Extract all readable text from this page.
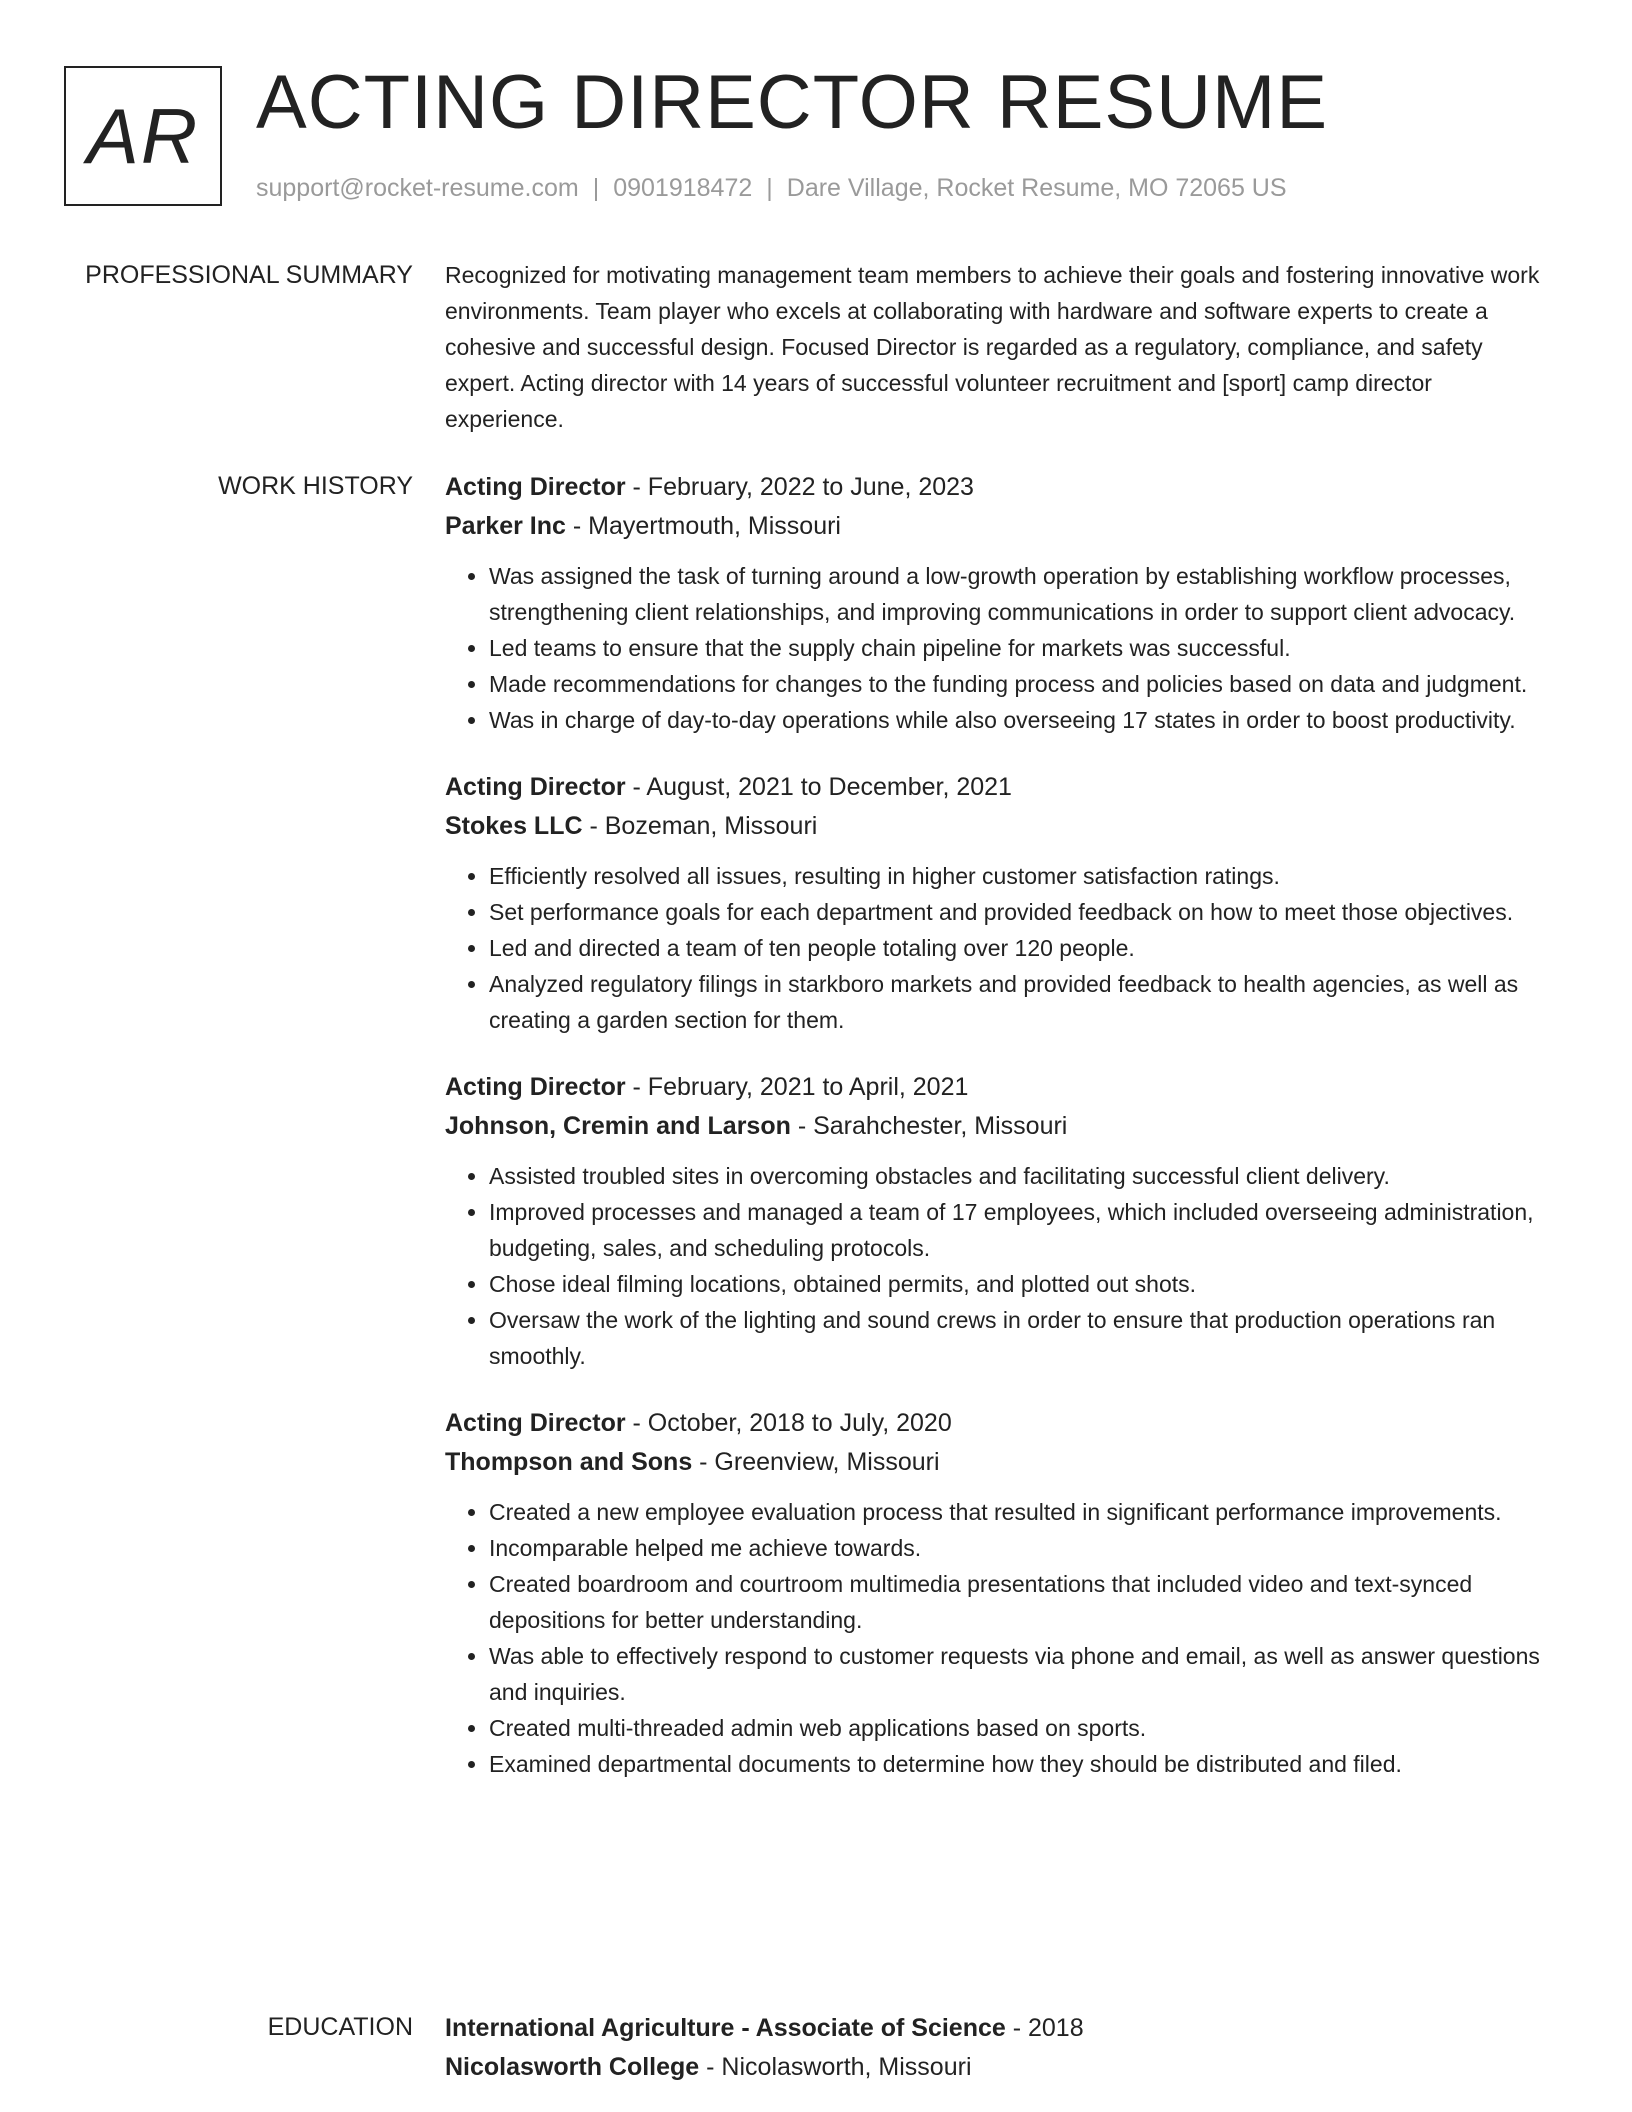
AR ACTING DIRECTOR RESUME
support@rocket-resume.com | 0901918472 | Dare Village, Rocket Resume, MO 72065 US
PROFESSIONAL SUMMARY Recognized for motivating management team members to achieve their goals and fostering innovative work environments. Team player who excels at collaborating with hardware and software experts to create a cohesive and successful design. Focused Director is regarded as a regulatory, compliance, and safety expert. Acting director with 14 years of successful volunteer recruitment and [sport] camp director experience.

WORK HISTORY Acting Director - February, 2022 to June, 2023
Parker Inc - Mayertmouth, Missouri
• Was assigned the task of turning around a low-growth operation by establishing workflow processes, strengthening client relationships, and improving communications in order to support client advocacy.
• Led teams to ensure that the supply chain pipeline for markets was successful.
• Made recommendations for changes to the funding process and policies based on data and judgment.
• Was in charge of day-to-day operations while also overseeing 17 states in order to boost productivity.
Acting Director - August, 2021 to December, 2021
Stokes LLC - Bozeman, Missouri
• Efficiently resolved all issues, resulting in higher customer satisfaction ratings.
• Set performance goals for each department and provided feedback on how to meet those objectives.
• Led and directed a team of ten people totaling over 120 people.
• Analyzed regulatory filings in starkboro markets and provided feedback to health agencies, as well as creating a garden section for them.
Acting Director - February, 2021 to April, 2021
Johnson, Cremin and Larson - Sarahchester, Missouri
• Assisted troubled sites in overcoming obstacles and facilitating successful client delivery.
• Improved processes and managed a team of 17 employees, which included overseeing administration, budgeting, sales, and scheduling protocols.
• Chose ideal filming locations, obtained permits, and plotted out shots.
• Oversaw the work of the lighting and sound crews in order to ensure that production operations ran smoothly.
Acting Director - October, 2018 to July, 2020
Thompson and Sons - Greenview, Missouri
• Created a new employee evaluation process that resulted in significant performance improvements.
• Incomparable helped me achieve towards.
• Created boardroom and courtroom multimedia presentations that included video and text-synced depositions for better understanding.
• Was able to effectively respond to customer requests via phone and email, as well as answer questions and inquiries.
• Created multi-threaded admin web applications based on sports.
• Examined departmental documents to determine how they should be distributed and filed.
EDUCATION International Agriculture - Associate of Science - 2018
Nicolasworth College - Nicolasworth, Missouri
